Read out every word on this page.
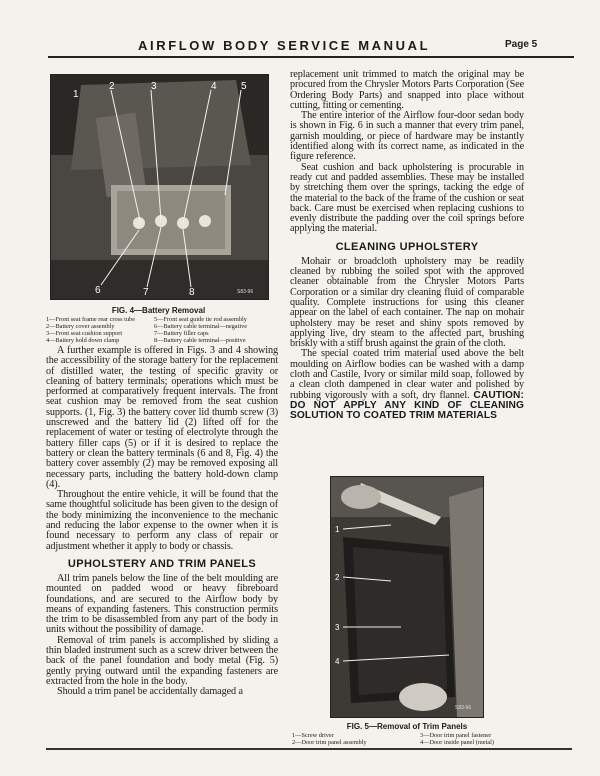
AIRFLOW BODY SERVICE MANUAL	Page 5
1
2	3	4 5
6	7	8	S83-96
FIG. 4—Battery Removal
1—Front seat frame rear cross tube
2—Battery cover assembly
3—Front seat cushion support
4—Battery hold down clamp
5—Front seat guide tie rod assembly
6—Battery cable terminal—negative
7—Battery filler caps
8—Battery cable terminal—positive

A further example is offered in Figs. 3 and 4 showing the accessibility of the storage battery for the replacement of distilled water, the testing of specific gravity or cleaning of battery terminals; operations which must be performed at comparatively frequent intervals. The front seat cushion may be removed from the seat cushion supports. (1, Fig. 3) the battery cover lid thumb screw (3) unscrewed and the battery lid (2) lifted off for the replacement of water or testing of electrolyte through the battery filler caps (5) or if it is desired to replace the battery or clean the battery terminals (6 and 8, Fig. 4) the battery cover assembly (2) may be removed exposing all necessary parts, including the battery hold-down clamp (4).

Throughout the entire vehicle, it will be found that the same thoughtful solicitude has been given to the design of the body minimizing the inconvenience to the mechanic and reducing the labor expense to the owner when it is found necessary to perform any class of repair or adjustment whether it apply to body or chassis.

UPHOLSTERY AND TRIM PANELS

All trim panels below the line of the belt moulding are mounted on padded wood or heavy fibreboard foundations, and are secured to the Airflow body by means of expanding fasteners. This construction permits the trim to be disassembled from any part of the body in units without the possibility of damage.

Removal of trim panels is accomplished by sliding a thin bladed instrument such as a screw driver between the back of the panel foundation and body metal (Fig. 5) gently prying outward until the expanding fasteners are extracted from the hole in the body.

Should a trim panel be accidentally damaged a

replacement unit trimmed to match the original may be procured from the Chrysler Motors Parts Corporation (See Ordering Body Parts) and snapped into place without cutting, fitting or cementing.

The entire interior of the Airflow four-door sedan body is shown in Fig. 6 in such a manner that every trim panel, garnish moulding, or piece of hardware may be instantly identified along with its correct name, as indicated in the figure reference.

Seat cushion and back upholstering is procurable in ready cut and padded assemblies. These may be installed by stretching them over the springs, tacking the edge of the material to the back of the frame of the cushion or seat back. Care must be exercised when replacing cushions to evenly distribute the padding over the coil springs before applying the material.

CLEANING UPHOLSTERY

Mohair or broadcloth upholstery may be readily cleaned by rubbing the soiled spot with the approved cleaner obtainable from the Chrysler Motors Parts Corporation or a similar dry cleaning fluid of comparable quality. Complete instructions for using this cleaner appear on the label of each container. The nap on mohair upholstery may be reset and shiny spots removed by applying live, dry steam to the affected part, brushing briskly with a stiff brush against the grain of the cloth.

The special coated trim material used above the belt moulding on Airflow bodies can be washed with a damp cloth and Castile, Ivory or similar mild soap, followed by a clean cloth dampened in clear water and polished by rubbing vigorously with a soft, dry flannel. CAUTION: DO NOT APPLY ANY KIND OF CLEANING SOLUTION TO COATED TRIM MATERIALS

1
2
3
4
S83-96
FIG. 5—Removal of Trim Panels
1—Screw driver
2—Door trim panel assembly
3—Door trim panel fastener
4—Door inside panel (metal)
